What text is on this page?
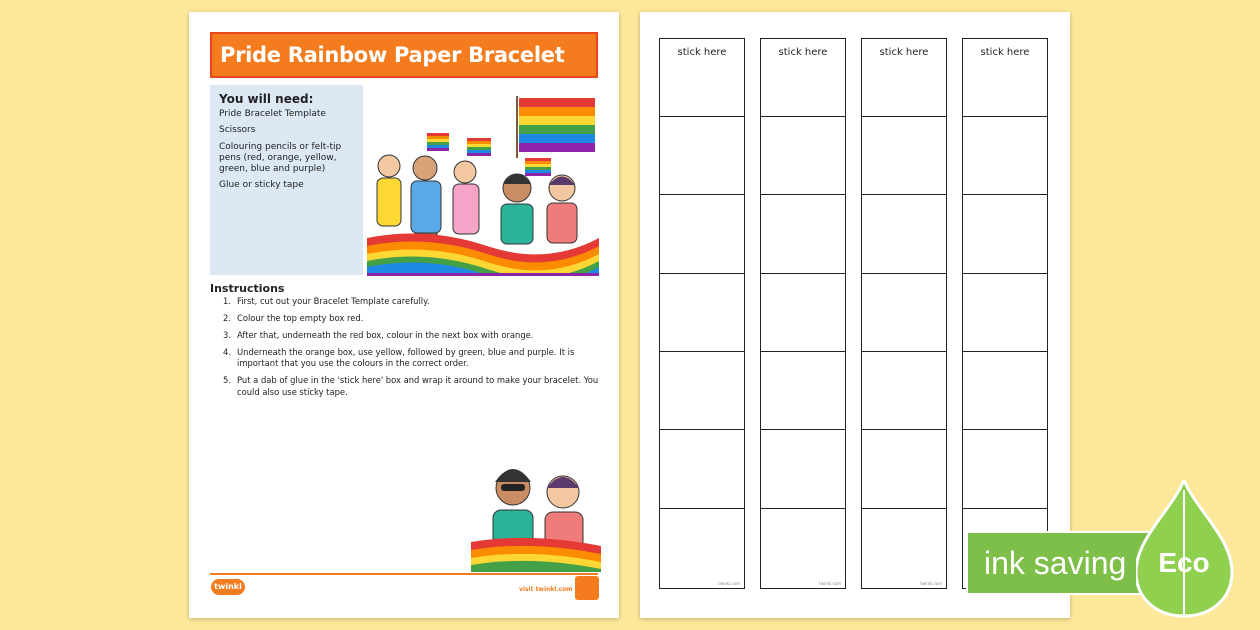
Pride Rainbow Paper Bracelet
You will need:
Pride Bracelet Template
Scissors
Colouring pencils or felt-tip pens (red, orange, yellow, green, blue and purple)
Glue or sticky tape
Instructions
1. First, cut out your Bracelet Template carefully.
2. Colour the top empty box red.
3. After that, underneath the red box, colour in the next box with orange.
4. Underneath the orange box, use yellow, followed by green, blue and purple. It is important that you use the colours in the correct order.
5. Put a dab of glue in the 'stick here' box and wrap it around to make your bracelet. You could also use sticky tape.
twinkl	visit twinkl.com
stick here
twinkl.com
stick here
twinkl.com
stick here
twinkl.com
stick here
ink saving Eco
